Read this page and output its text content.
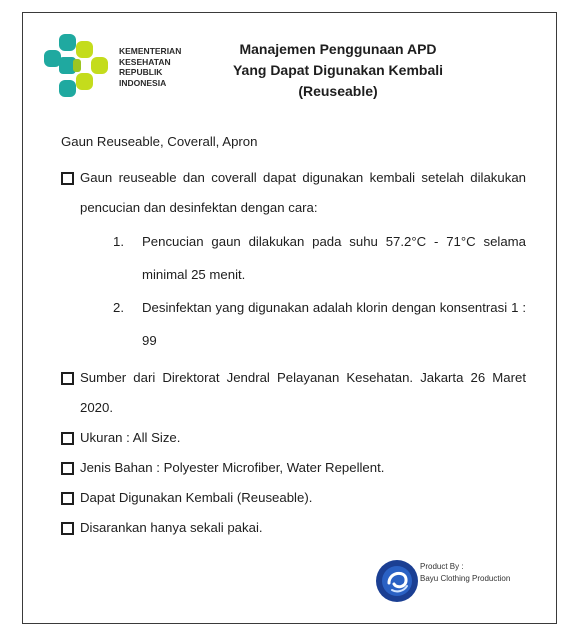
KEMENTERIAN
KESEHATAN
REPUBLIK
INDONESIA
Manajemen Penggunaan APD
Yang Dapat Digunakan Kembali
(Reuseable)
Gaun Reuseable, Coverall, Apron
Gaun reuseable dan coverall dapat digunakan kembali setelah dilakukan pencucian dan desinfektan dengan cara:
1. Pencucian gaun dilakukan pada suhu 57.2°C - 71°C selama minimal 25 menit.
2. Desinfektan yang digunakan adalah klorin dengan konsentrasi 1 : 99
Sumber dari Direktorat Jendral Pelayanan Kesehatan. Jakarta 26 Maret 2020.
Ukuran : All Size.
Jenis Bahan : Polyester Microfiber, Water Repellent.
Dapat Digunakan Kembali (Reuseable).
Disarankan hanya sekali pakai.
Product By :
Bayu Clothing Production
